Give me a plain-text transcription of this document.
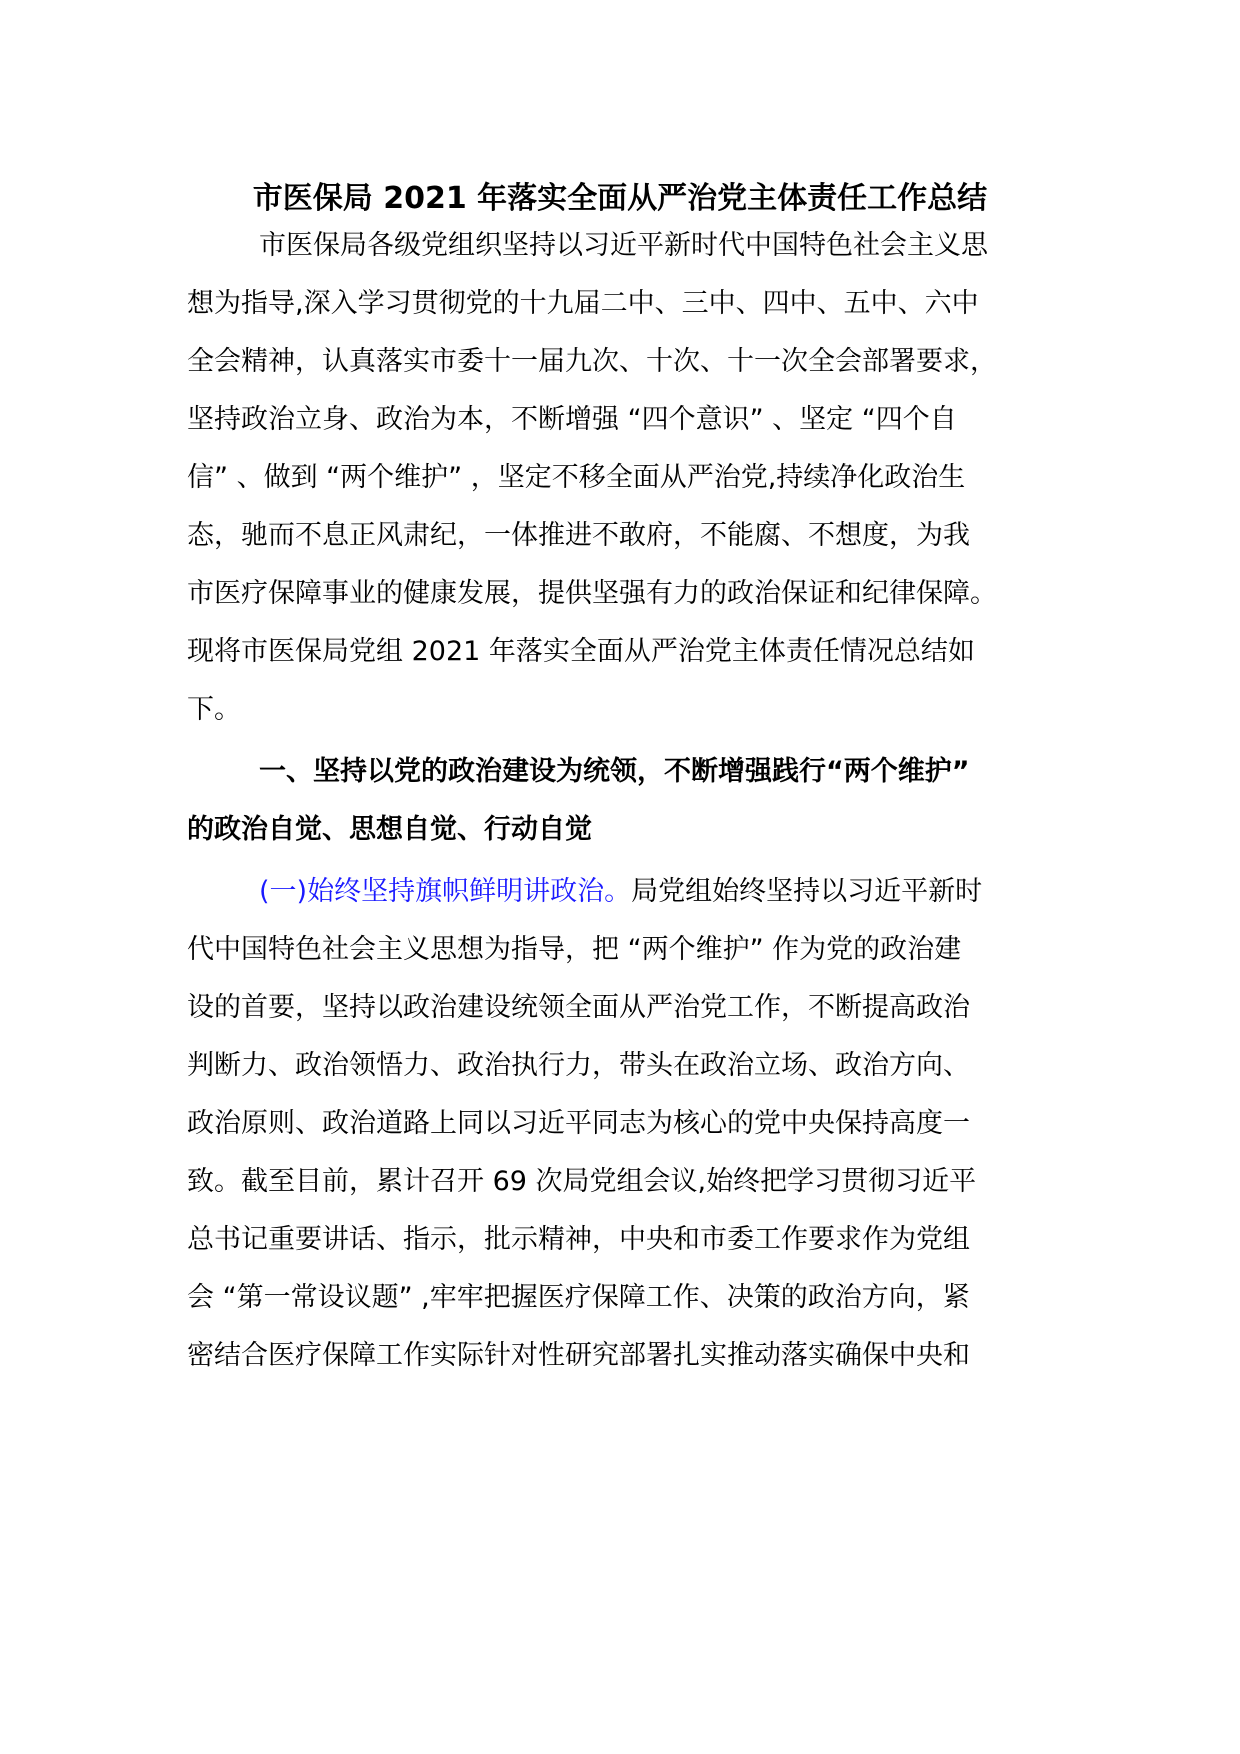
市医保局 2021 年落实全面从严治党主体责任工作总结

市医保局各级党组织坚持以习近平新时代中国特色社会主义思

想为指导,深入学习贯彻党的十九届二中、三中、四中、五中、六中

全会精神，认真落实市委十一届九次、十次、十一次全会部署要求，

坚持政治立身、政治为本，不断增强 “四个意识” 、坚定 “四个自

信” 、做到 “两个维护” ，坚定不移全面从严治党,持续净化政治生

态，驰而不息正风肃纪，一体推进不敢府，不能腐、不想度，为我

市医疗保障事业的健康发展，提供坚强有力的政治保证和纪律保障。

现将市医保局党组 2021 年落实全面从严治党主体责任情况总结如

下。

一、坚持以党的政治建设为统领，不断增强践行“两个维护”

的政治自觉、思想自觉、行动自觉

(一)始终坚持旗帜鲜明讲政治。局党组始终坚持以习近平新时

代中国特色社会主义思想为指导，把 “两个维护” 作为党的政治建

设的首要，坚持以政治建设统领全面从严治党工作，不断提高政治

判断力、政治领悟力、政治执行力，带头在政治立场、政治方向、

政治原则、政治道路上同以习近平同志为核心的党中央保持高度一

致。截至目前，累计召开 69 次局党组会议,始终把学习贯彻习近平

总书记重要讲话、指示，批示精神，中央和市委工作要求作为党组

会 “第一常设议题” ,牢牢把握医疗保障工作、决策的政治方向，紧

密结合医疗保障工作实际针对性研究部署扎实推动落实确保中央和
